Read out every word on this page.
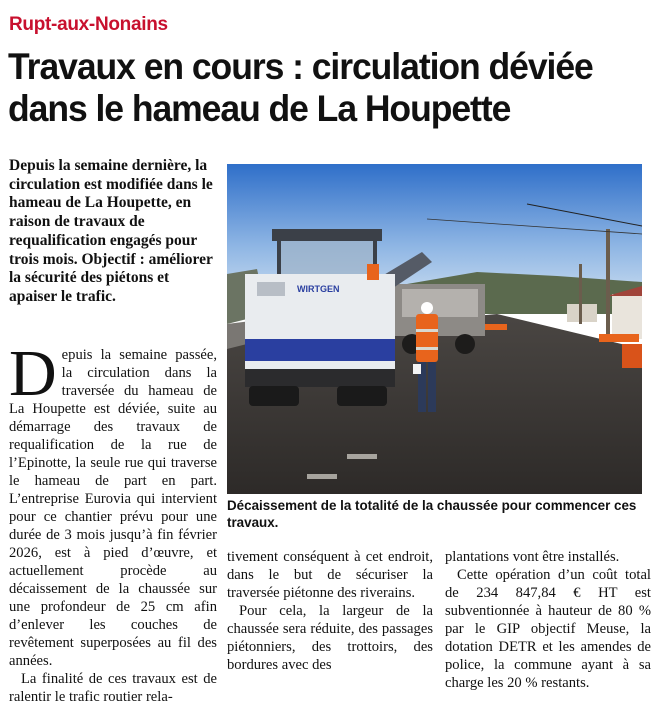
Rupt-aux-Nonains
Travaux en cours : circulation déviée dans le hameau de La Houpette

Depuis la semaine dernière, la circulation est modifiée dans le hameau de La Houpette, en raison de travaux de requalification engagés pour trois mois. Objectif : améliorer la sécurité des piétons et apaiser le trafic.

Depuis la semaine passée, la circulation dans la traversée du hameau de La Houpette est déviée, suite au démarrage des travaux de requalification de la rue de l’Epinotte, la seule rue qui traverse le hameau de part en part. L’entreprise Eurovia qui intervient pour ce chantier prévu pour une durée de 3 mois jusqu’à fin février 2026, est à pied d’œuvre, et actuellement procède au décaissement de la chaussée sur une profondeur de 25 cm afin d’enlever les couches de revêtement superposées au fil des années.

La finalité de ces travaux est de ralentir le trafic routier rela-

WIRTGEN

Décaissement de la totalité de la chaussée pour commencer ces travaux.

tivement conséquent à cet endroit, dans le but de sécuriser la traversée piétonne des riverains.

Pour cela, la largeur de la chaussée sera réduite, des passages piétonniers, des trottoirs, des bordures avec des

plantations vont être installés.

Cette opération d’un coût total de 234 847,84 € HT est subventionnée à hauteur de 80 % par le GIP objectif Meuse, la dotation DETR et les amendes de police, la commune ayant à sa charge les 20 % restants.
